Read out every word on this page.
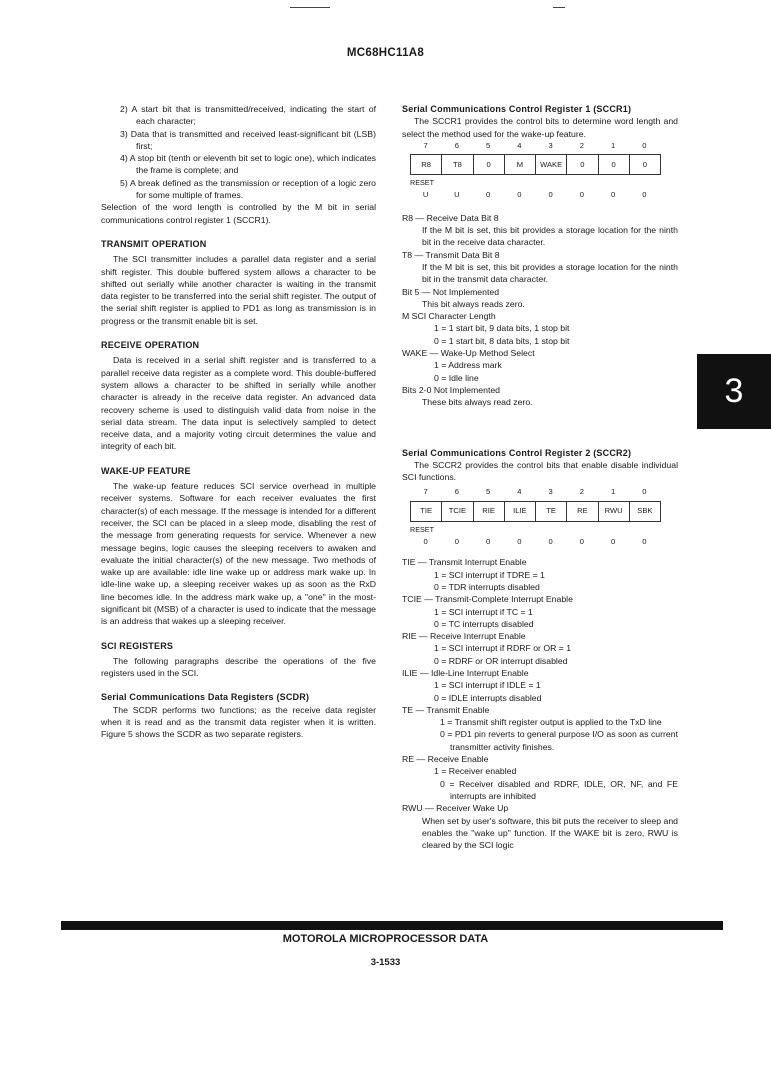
MC68HC11A8

2) A start bit that is transmitted/received, indicating the start of each character;

3) Data that is transmitted and received least-significant bit (LSB) first;

4) A stop bit (tenth or eleventh bit set to logic one), which indicates the frame is complete; and

5) A break defined as the transmission or reception of a logic zero for some multiple of frames.

Selection of the word length is controlled by the M bit in serial communications control register 1 (SCCR1).

TRANSMIT OPERATION

The SCI transmitter includes a parallel data register and a serial shift register. This double buffered system allows a character to be shifted out serially while another character is waiting in the transmit data register to be transferred into the serial shift register. The output of the serial shift register is applied to PD1 as long as transmission is in progress or the transmit enable bit is set.

RECEIVE OPERATION

Data is received in a serial shift register and is transferred to a parallel receive data register as a complete word. This double-buffered system allows a character to be shifted in serially while another character is already in the receive data register. An advanced data recovery scheme is used to distinguish valid data from noise in the serial data stream. The data input is selectively sampled to detect receive data, and a majority voting circuit determines the value and integrity of each bit.

WAKE-UP FEATURE

The wake-up feature reduces SCI service overhead in multiple receiver systems. Software for each receiver evaluates the first character(s) of each message. If the message is intended for a different receiver, the SCI can be placed in a sleep mode, disabling the rest of the message from generating requests for service. Whenever a new message begins, logic causes the sleeping receivers to awaken and evaluate the initial character(s) of the new message. Two methods of wake up are available: idle line wake up or address mark wake up. In idle-line wake up, a sleeping receiver wakes up as soon as the RxD line becomes idle. In the address mark wake up, a "one" in the most-significant bit (MSB) of a character is used to indicate that the message is an address that wakes up a sleeping receiver.

SCI REGISTERS

The following paragraphs describe the operations of the five registers used in the SCI.

Serial Communications Data Registers (SCDR)

The SCDR performs two functions; as the receive data register when it is read and as the transmit data register when it is written. Figure 5 shows the SCDR as two separate registers.

Serial Communications Control Register 1 (SCCR1)

The SCCR1 provides the control bits to determine word length and select the method used for the wake-up feature.

7	6	5	4	3	2	1	0
R8	T8	0	M	WAKE	0	0	0
RESET
U	U	0	0	0	0	0	0

R8 — Receive Data Bit 8

If the M bit is set, this bit provides a storage location for the ninth bit in the receive data character.

T8 — Transmit Data Bit 8

If the M bit is set, this bit provides a storage location for the ninth bit in the transmit data character.

Bit 5 — Not Implemented

This bit always reads zero.

M SCI Character Length

1 = 1 start bit, 9 data bits, 1 stop bit

0 = 1 start bit, 8 data bits, 1 stop bit

WAKE — Wake-Up Method Select

1 = Address mark

0 = Idle line

Bits 2-0 Not Implemented

These bits always read zero.

Serial Communications Control Register 2 (SCCR2)

The SCCR2 provides the control bits that enable disable individual SCI functions.

7	6	5	4	3	2	1	0
TIE	TCIE	RIE	ILIE	TE	RE	RWU	SBK
RESET
0	0	0	0	0	0	0	0

TIE — Transmit Interrupt Enable

1 = SCI interrupt if TDRE = 1

0 = TDR interrupts disabled

TCIE — Transmit-Complete Interrupt Enable

1 = SCI interrupt if TC = 1

0 = TC interrupts disabled

RIE — Receive Interrupt Enable

1 = SCI interrupt if RDRF or OR = 1

0 = RDRF or OR interrupt disabled

ILIE — Idle-Line Interrupt Enable

1 = SCI interrupt if IDLE = 1

0 = IDLE interrupts disabled

TE — Transmit Enable

1 = Transmit shift register output is applied to the TxD line

0 = PD1 pin reverts to general purpose I/O as soon as current transmitter activity finishes.

RE — Receive Enable

1 = Receiver enabled

0 = Receiver disabled and RDRF, IDLE, OR, NF, and FE interrupts are inhibited

RWU — Receiver Wake Up

When set by user's software, this bit puts the receiver to sleep and enables the "wake up" function. If the WAKE bit is zero, RWU is cleared by the SCI logic

3
MOTOROLA MICROPROCESSOR DATA
3-1533
